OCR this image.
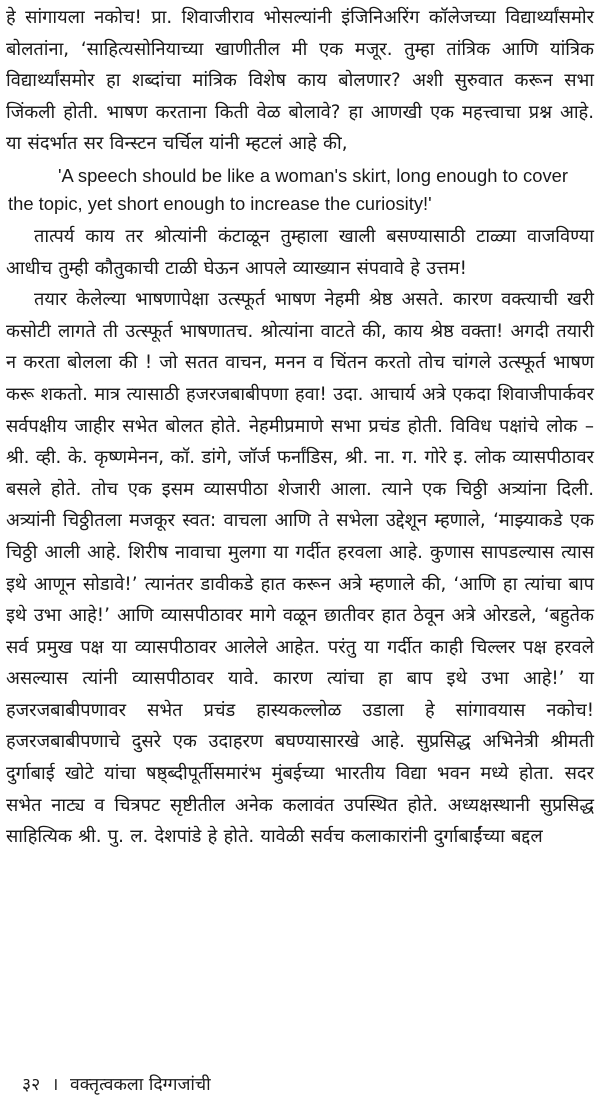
हे सांगायला नकोच! प्रा. शिवाजीराव भोसल्यांनी इंजिनिअरिंग कॉलेजच्या विद्यार्थ्यांसमोर बोलतांना, ‘साहित्यसोनियाच्या खाणीतील मी एक मजूर. तुम्हा तांत्रिक आणि यांत्रिक विद्यार्थ्यांसमोर हा शब्दांचा मांत्रिक विशेष काय बोलणार? अशी सुरुवात करून सभा जिंकली होती. भाषण करताना किती वेळ बोलावे? हा आणखी एक महत्त्वाचा प्रश्न आहे. या संदर्भात सर विन्स्टन चर्चिल यांनी म्हटलं आहे की,

'A speech should be like a woman's skirt, long enough to cover
the topic, yet short enough to increase the curiosity!'

तात्पर्य काय तर श्रोत्यांनी कंटाळून तुम्हाला खाली बसण्यासाठी टाळ्या वाजविण्या आधीच तुम्ही कौतुकाची टाळी घेऊन आपले व्याख्यान संपवावे हे उत्तम!

तयार केलेल्या भाषणापेक्षा उत्स्फूर्त भाषण नेहमी श्रेष्ठ असते. कारण वक्त्याची खरी कसोटी लागते ती उत्स्फूर्त भाषणातच. श्रोत्यांना वाटते की, काय श्रेष्ठ वक्ता! अगदी तयारी न करता बोलला की ! जो सतत वाचन, मनन व चिंतन करतो तोच चांगले उत्स्फूर्त भाषण करू शकतो. मात्र त्यासाठी हजरजबाबीपणा हवा! उदा. आचार्य अत्रे एकदा शिवाजीपार्कवर सर्वपक्षीय जाहीर सभेत बोलत होते. नेहमीप्रमाणे सभा प्रचंड होती. विविध पक्षांचे लोक – श्री. व्ही. के. कृष्णमेनन, कॉ. डांगे, जॉर्ज फर्नांडिस, श्री. ना. ग. गोरे इ. लोक व्यासपीठावर बसले होते. तोच एक इसम व्यासपीठा शेजारी आला. त्याने एक चिठ्ठी अत्र्यांना दिली. अत्र्यांनी चिठ्ठीतला मजकूर स्वत: वाचला आणि ते सभेला उद्देशून म्हणाले, ‘माझ्याकडे एक चिठ्ठी आली आहे. शिरीष नावाचा मुलगा या गर्दीत हरवला आहे. कुणास सापडल्यास त्यास इथे आणून सोडावे!’ त्यानंतर डावीकडे हात करून अत्रे म्हणाले की, ‘आणि हा त्यांचा बाप इथे उभा आहे!’ आणि व्यासपीठावर मागे वळून छातीवर हात ठेवून अत्रे ओरडले, ‘बहुतेक सर्व प्रमुख पक्ष या व्यासपीठावर आलेले आहेत. परंतु या गर्दीत काही चिल्लर पक्ष हरवले असल्यास त्यांनी व्यासपीठावर यावे. कारण त्यांचा हा बाप इथे उभा आहे!’ या हजरजबाबीपणावर सभेत प्रचंड हास्यकल्लोळ उडाला हे सांगावयास नकोच! हजरजबाबीपणाचे दुसरे एक उदाहरण बघण्यासारखे आहे. सुप्रसिद्ध अभिनेत्री श्रीमती दुर्गाबाई खोटे यांचा षष्ठ्ब्दीपूर्तीसमारंभ मुंबईच्या भारतीय विद्या भवन मध्ये होता. सदर सभेत नाट्य व चित्रपट सृष्टीतील अनेक कलावंत उपस्थित होते. अध्यक्षस्थानी सुप्रसिद्ध साहित्यिक श्री. पु. ल. देशपांडे हे होते. यावेळी सर्वच कलाकारांनी दुर्गाबाईंच्या बद्दल

३२ । वक्तृत्वकला दिग्गजांची
